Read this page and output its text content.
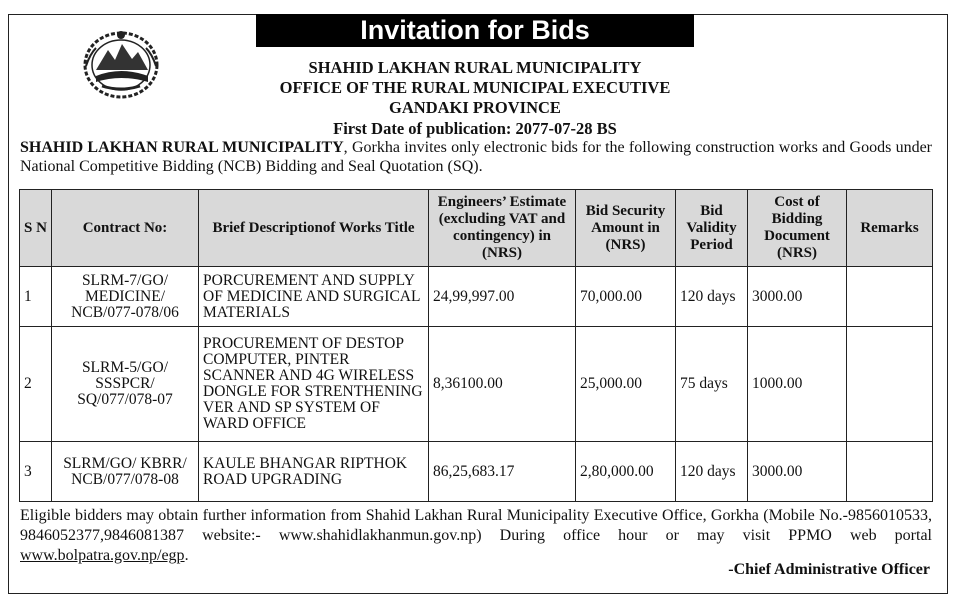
Invitation for Bids
SHAHID LAKHAN RURAL MUNICIPALITY
OFFICE OF THE RURAL MUNICIPAL EXECUTIVE
GANDAKI PROVINCE
First Date of publication: 2077-07-28 BS
SHAHID LAKHAN RURAL MUNICIPALITY, Gorkha invites only electronic bids for the following construction works and Goods under National Competitive Bidding (NCB) Bidding and Seal Quotation (SQ).
S N	Contract No:	Brief Descriptionof Works Title	Engineers’ Estimate (excluding VAT and contingency) in (NRS)	Bid Security Amount in (NRS)	Bid Validity Period	Cost of Bidding Document (NRS)	Remarks
1	SLRM-7/GO/ MEDICINE/ NCB/077-078/06	PORCUREMENT AND SUPPLY OF MEDICINE AND SURGICAL MATERIALS	24,99,997.00	70,000.00	120 days	3000.00	
2	SLRM-5/GO/ SSSPCR/ SQ/077/078-07	PROCUREMENT OF DESTOP COMPUTER, PINTER SCANNER AND 4G WIRELESS DONGLE FOR STRENTHENING VER AND SP SYSTEM OF WARD OFFICE	8,36100.00	25,000.00	75 days	1000.00	
3	SLRM/GO/ KBRR/ NCB/077/078-08	KAULE BHANGAR RIPTHOK ROAD UPGRADING	86,25,683.17	2,80,000.00	120 days	3000.00	
Eligible bidders may obtain further information from Shahid Lakhan Rural Municipality Executive Office, Gorkha (Mobile No.-9856010533, 9846052377,9846081387 website:- www.shahidlakhanmun.gov.np) During office hour or may visit PPMO web portal www.bolpatra.gov.np/egp.
-Chief Administrative Officer
